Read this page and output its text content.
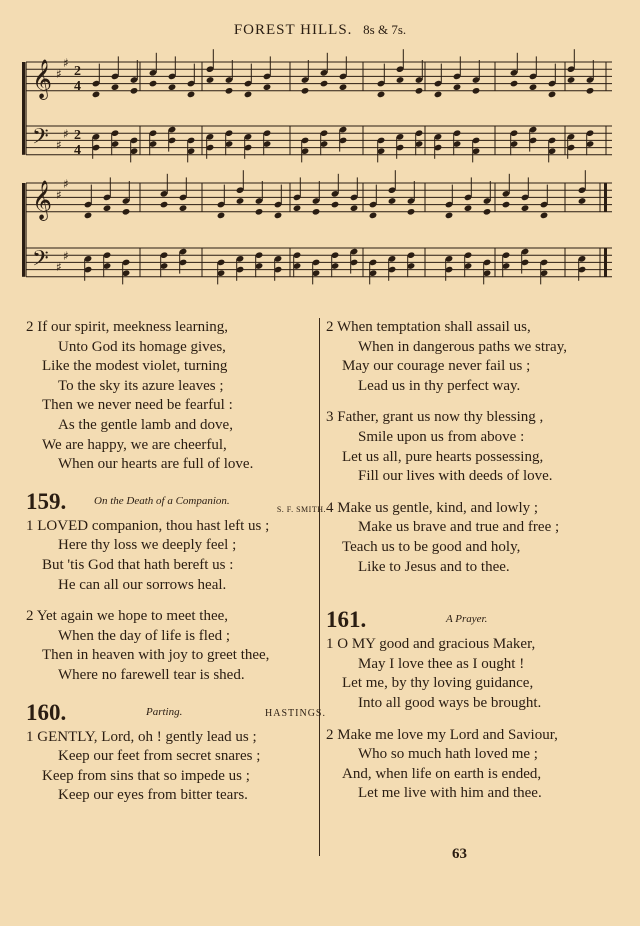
FOREST HILLS. 8s & 7s.
𝄞
𝄢
♯
♯
♯
♯
2
4
2
4
𝄞
𝄢
♯
♯
♯
♯
2 If our spirit, meekness learning,
Unto God its homage gives,
Like the modest violet, turning
To the sky its azure leaves ;
Then we never need be fearful :
As the gentle lamb and dove,
We are happy, we are cheerful,
When our hearts are full of love.
159.	On the Death of a Companion.
S. F. SMITH.
1 LOVED companion, thou hast left us ;
Here thy loss we deeply feel ;
But 'tis God that hath bereft us :
He can all our sorrows heal.
2 Yet again we hope to meet thee,
When the day of life is fled ;
Then in heaven with joy to greet thee,
Where no farewell tear is shed.
160.	Parting.	HASTINGS.
1 GENTLY, Lord, oh ! gently lead us ;
Keep our feet from secret snares ;
Keep from sins that so impede us ;
Keep our eyes from bitter tears.
2 When temptation shall assail us,
When in dangerous paths we stray,
May our courage never fail us ;
Lead us in thy perfect way.
3 Father, grant us now thy blessing ,
Smile upon us from above :
Let us all, pure hearts possessing,
Fill our lives with deeds of love.
4 Make us gentle, kind, and lowly ;
Make us brave and true and free ;
Teach us to be good and holy,
Like to Jesus and to thee.
161.	A Prayer.
1 O MY good and gracious Maker,
May I love thee as I ought !
Let me, by thy loving guidance,
Into all good ways be brought.
2 Make me love my Lord and Saviour,
Who so much hath loved me ;
And, when life on earth is ended,
Let me live with him and thee.
63
